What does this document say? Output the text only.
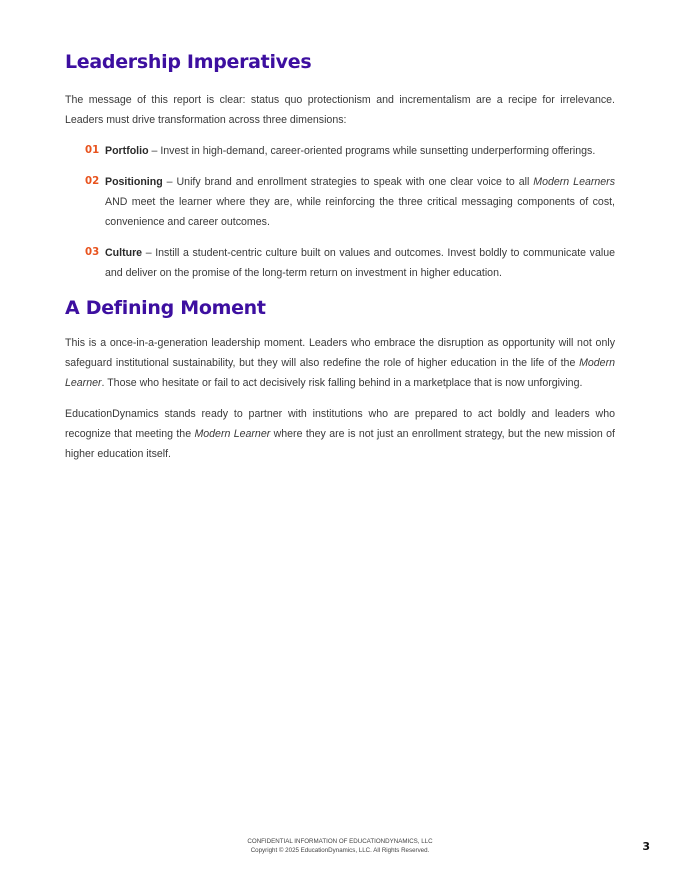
Leadership Imperatives

The message of this report is clear: status quo protectionism and incrementalism are a recipe for irrelevance. Leaders must drive transformation across three dimensions:

01 Portfolio – Invest in high-demand, career-oriented programs while sunsetting underperforming offerings.
02 Positioning – Unify brand and enrollment strategies to speak with one clear voice to all Modern Learners AND meet the learner where they are, while reinforcing the three critical messaging components of cost, convenience and career outcomes.
03 Culture – Instill a student-centric culture built on values and outcomes. Invest boldly to communicate value and deliver on the promise of the long-term return on investment in higher education.
A Defining Moment

This is a once-in-a-generation leadership moment. Leaders who embrace the disruption as opportunity will not only safeguard institutional sustainability, but they will also redefine the role of higher education in the life of the Modern Learner. Those who hesitate or fail to act decisively risk falling behind in a marketplace that is now unforgiving.

EducationDynamics stands ready to partner with institutions who are prepared to act boldly and leaders who recognize that meeting the Modern Learner where they are is not just an enrollment strategy, but the new mission of higher education itself.

CONFIDENTIAL INFORMATION OF EDUCATIONDYNAMICS, LLC
Copyright © 2025 EducationDynamics, LLC. All Rights Reserved.	3
